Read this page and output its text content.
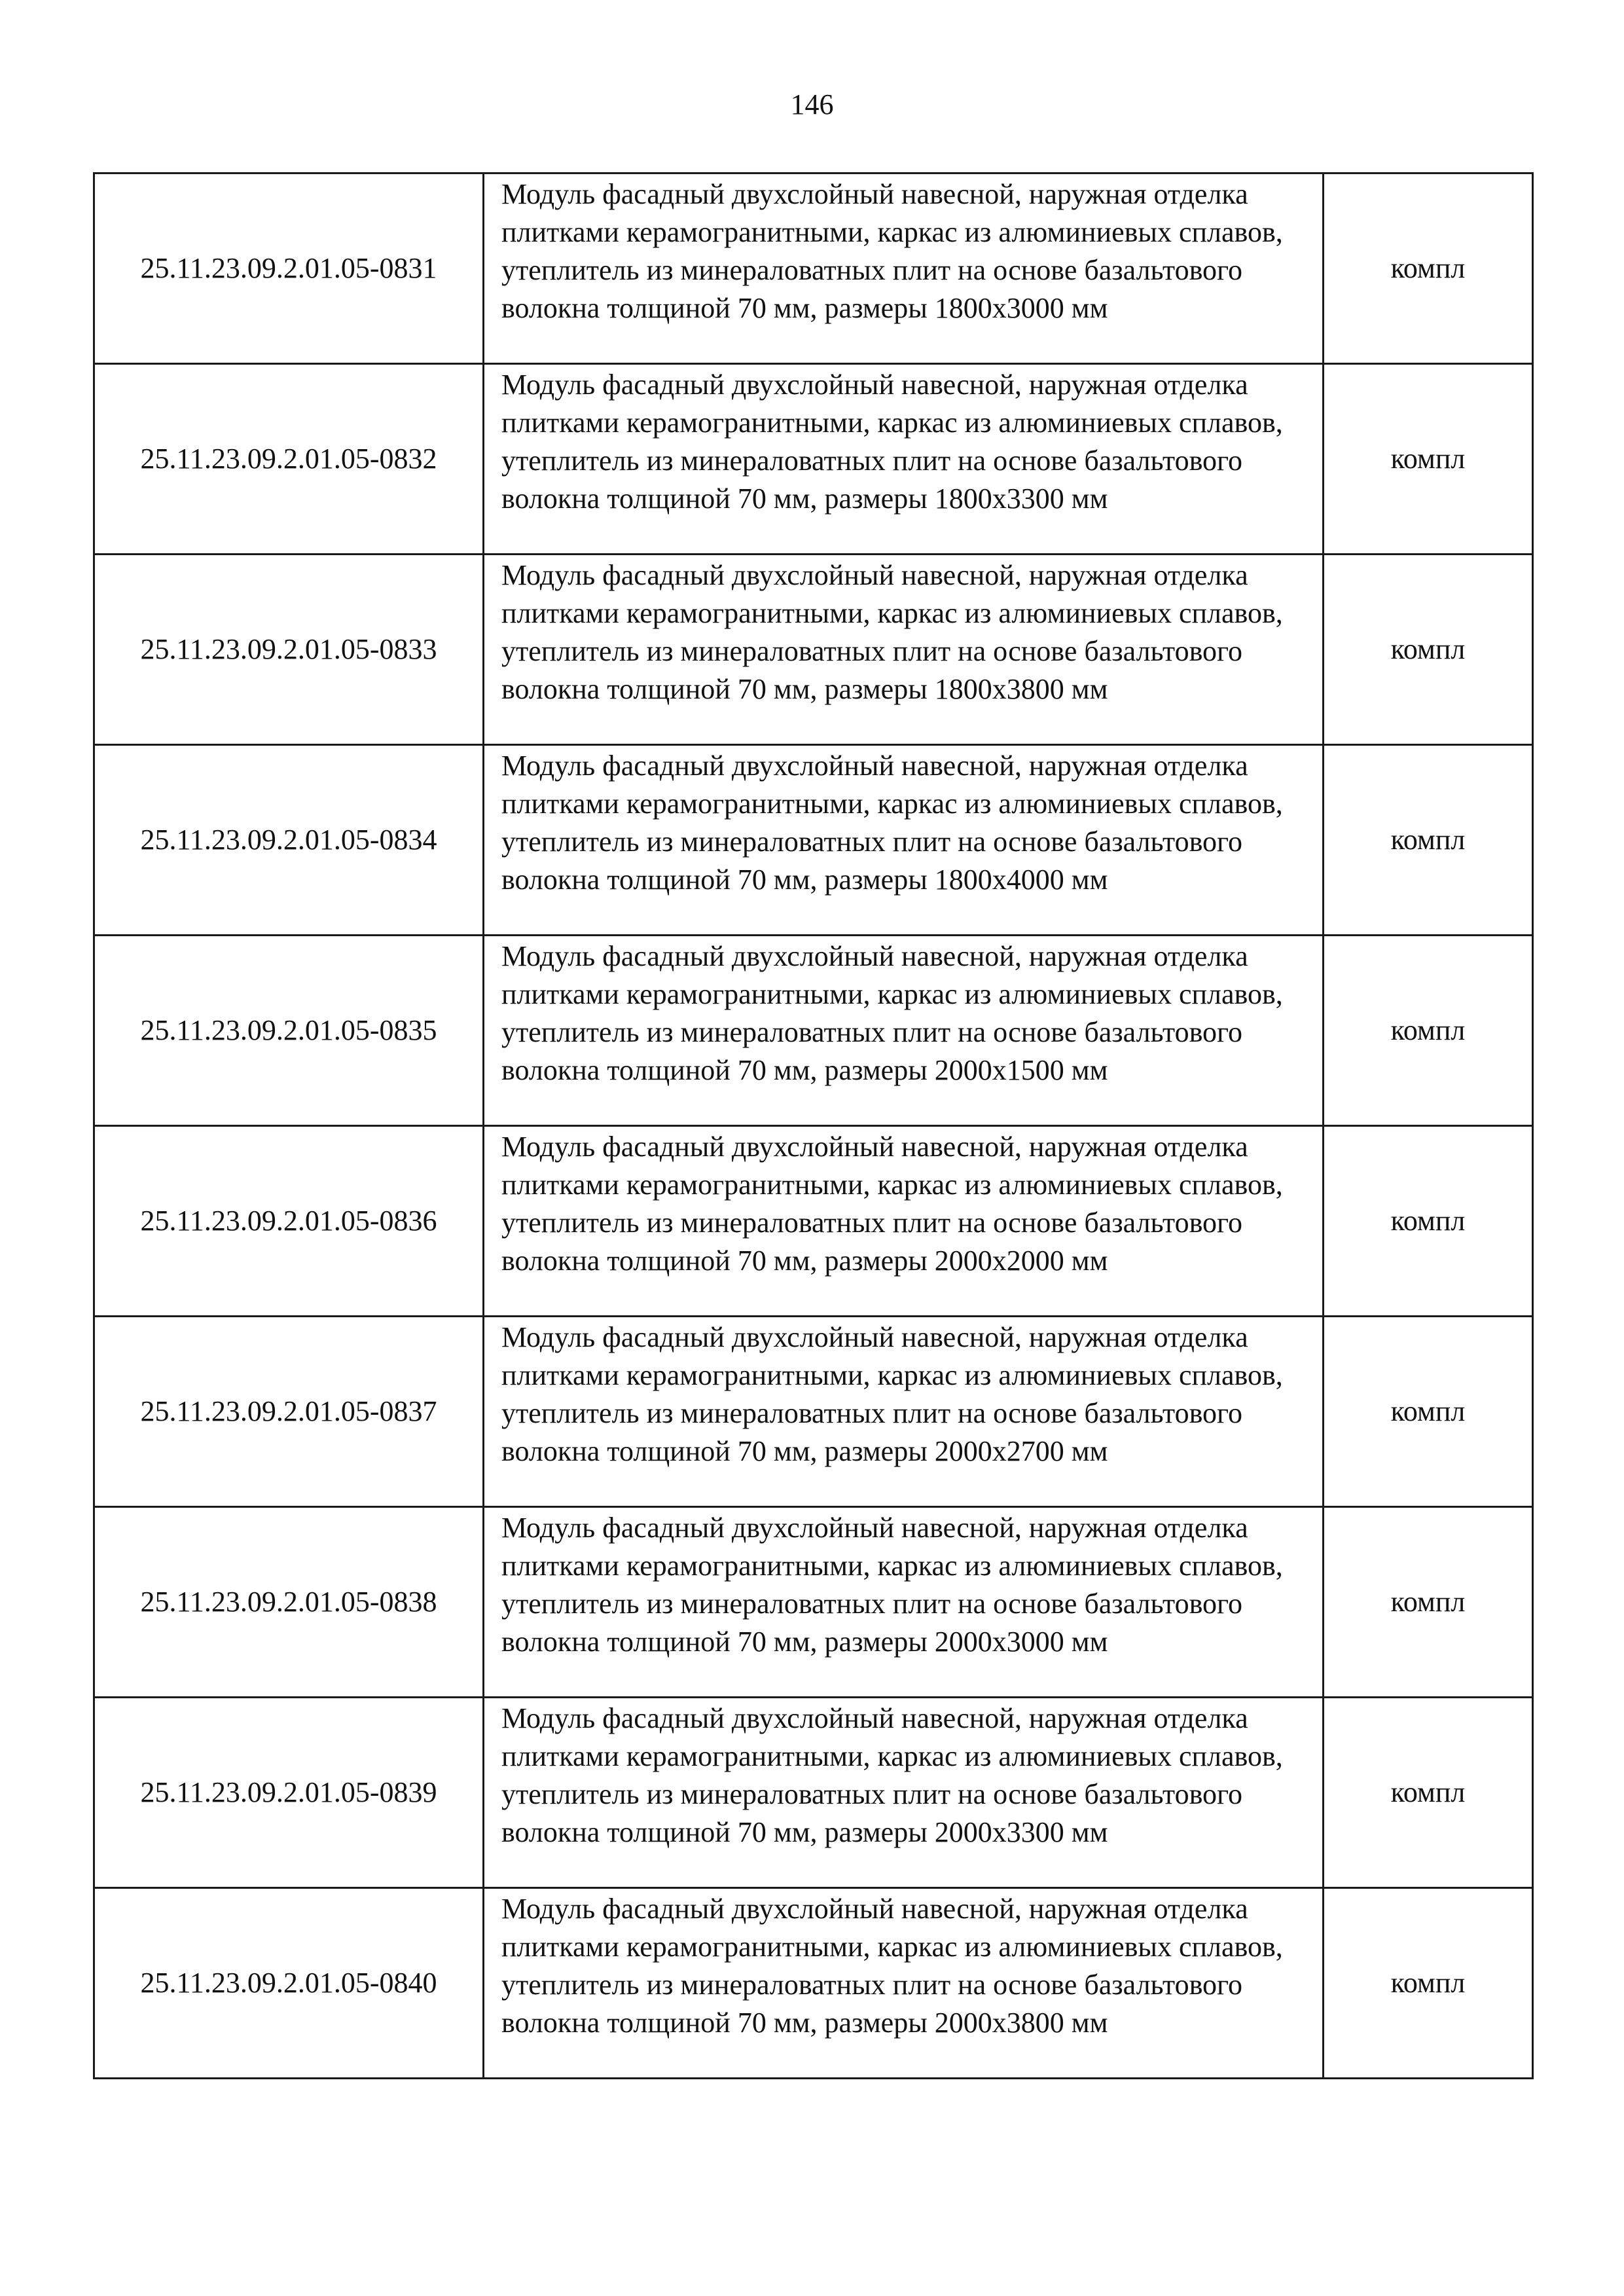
146
25.11.23.09.2.01.05-0831	Модуль фасадный двухслойный навесной, наружная отделка плитками керамогранитными, каркас из алюминиевых сплавов, утеплитель из минераловатных плит на основе базальтового волокна толщиной 70 мм, размеры 1800х3000 мм	компл
25.11.23.09.2.01.05-0832	Модуль фасадный двухслойный навесной, наружная отделка плитками керамогранитными, каркас из алюминиевых сплавов, утеплитель из минераловатных плит на основе базальтового волокна толщиной 70 мм, размеры 1800х3300 мм	компл
25.11.23.09.2.01.05-0833	Модуль фасадный двухслойный навесной, наружная отделка плитками керамогранитными, каркас из алюминиевых сплавов, утеплитель из минераловатных плит на основе базальтового волокна толщиной 70 мм, размеры 1800х3800 мм	компл
25.11.23.09.2.01.05-0834	Модуль фасадный двухслойный навесной, наружная отделка плитками керамогранитными, каркас из алюминиевых сплавов, утеплитель из минераловатных плит на основе базальтового волокна толщиной 70 мм, размеры 1800х4000 мм	компл
25.11.23.09.2.01.05-0835	Модуль фасадный двухслойный навесной, наружная отделка плитками керамогранитными, каркас из алюминиевых сплавов, утеплитель из минераловатных плит на основе базальтового волокна толщиной 70 мм, размеры 2000х1500 мм	компл
25.11.23.09.2.01.05-0836	Модуль фасадный двухслойный навесной, наружная отделка плитками керамогранитными, каркас из алюминиевых сплавов, утеплитель из минераловатных плит на основе базальтового волокна толщиной 70 мм, размеры 2000х2000 мм	компл
25.11.23.09.2.01.05-0837	Модуль фасадный двухслойный навесной, наружная отделка плитками керамогранитными, каркас из алюминиевых сплавов, утеплитель из минераловатных плит на основе базальтового волокна толщиной 70 мм, размеры 2000х2700 мм	компл
25.11.23.09.2.01.05-0838	Модуль фасадный двухслойный навесной, наружная отделка плитками керамогранитными, каркас из алюминиевых сплавов, утеплитель из минераловатных плит на основе базальтового волокна толщиной 70 мм, размеры 2000х3000 мм	компл
25.11.23.09.2.01.05-0839	Модуль фасадный двухслойный навесной, наружная отделка плитками керамогранитными, каркас из алюминиевых сплавов, утеплитель из минераловатных плит на основе базальтового волокна толщиной 70 мм, размеры 2000х3300 мм	компл
25.11.23.09.2.01.05-0840	Модуль фасадный двухслойный навесной, наружная отделка плитками керамогранитными, каркас из алюминиевых сплавов, утеплитель из минераловатных плит на основе базальтового волокна толщиной 70 мм, размеры 2000х3800 мм	компл
